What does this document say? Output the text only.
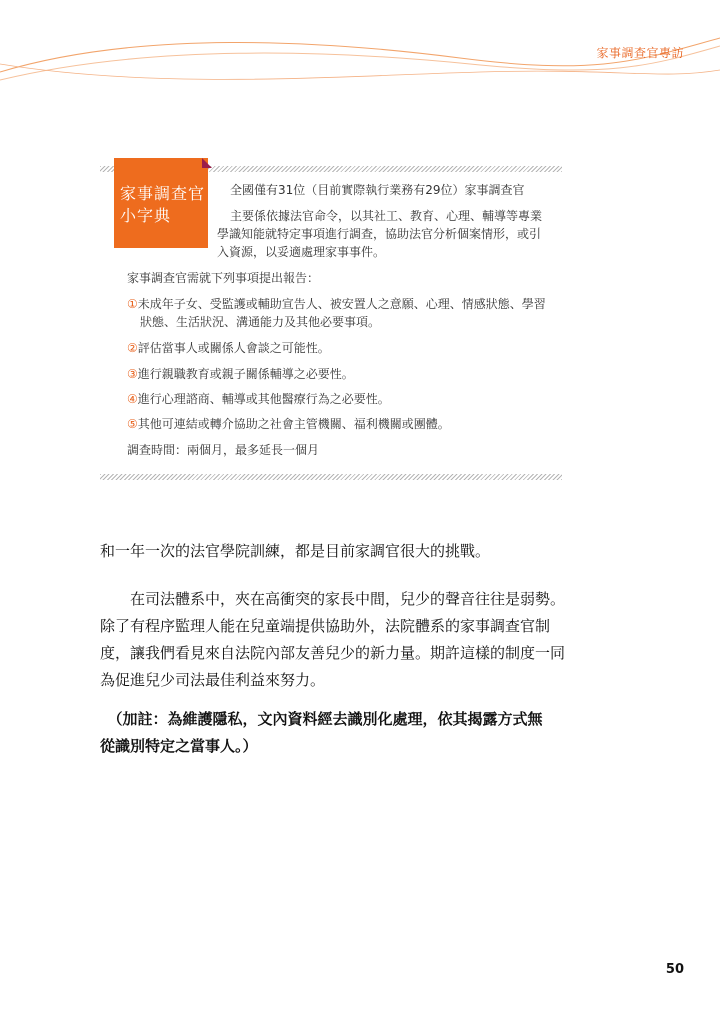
家事調查官專訪
家事調查官
小字典
全國僅有31位（目前實際執行業務有29位）家事調查官
主要係依據法官命令，以其社工、教育、心理、輔導等專業
學識知能就特定事項進行調查，協助法官分析個案情形，或引
入資源，以妥適處理家事事件。
家事調查官需就下列事項提出報告：
①未成年子女、受監護或輔助宣告人、被安置人之意願、心理、情感狀態、學習
狀態、生活狀況、溝通能力及其他必要事項。
②評估當事人或關係人會談之可能性。
③進行親職教育或親子關係輔導之必要性。
④進行心理諮商、輔導或其他醫療行為之必要性。
⑤其他可連結或轉介協助之社會主管機關、福利機關或團體。
調查時間：兩個月，最多延長一個月
和一年一次的法官學院訓練，都是目前家調官很大的挑戰。
　　在司法體系中，夾在高衝突的家長中間，兒少的聲音往往是弱勢。
除了有程序監理人能在兒童端提供協助外，法院體系的家事調查官制
度，讓我們看見來自法院內部友善兒少的新力量。期許這樣的制度一同
為促進兒少司法最佳利益來努力。
　（加註：為維護隱私，文內資料經去識別化處理，依其揭露方式無
從識別特定之當事人。）
50
